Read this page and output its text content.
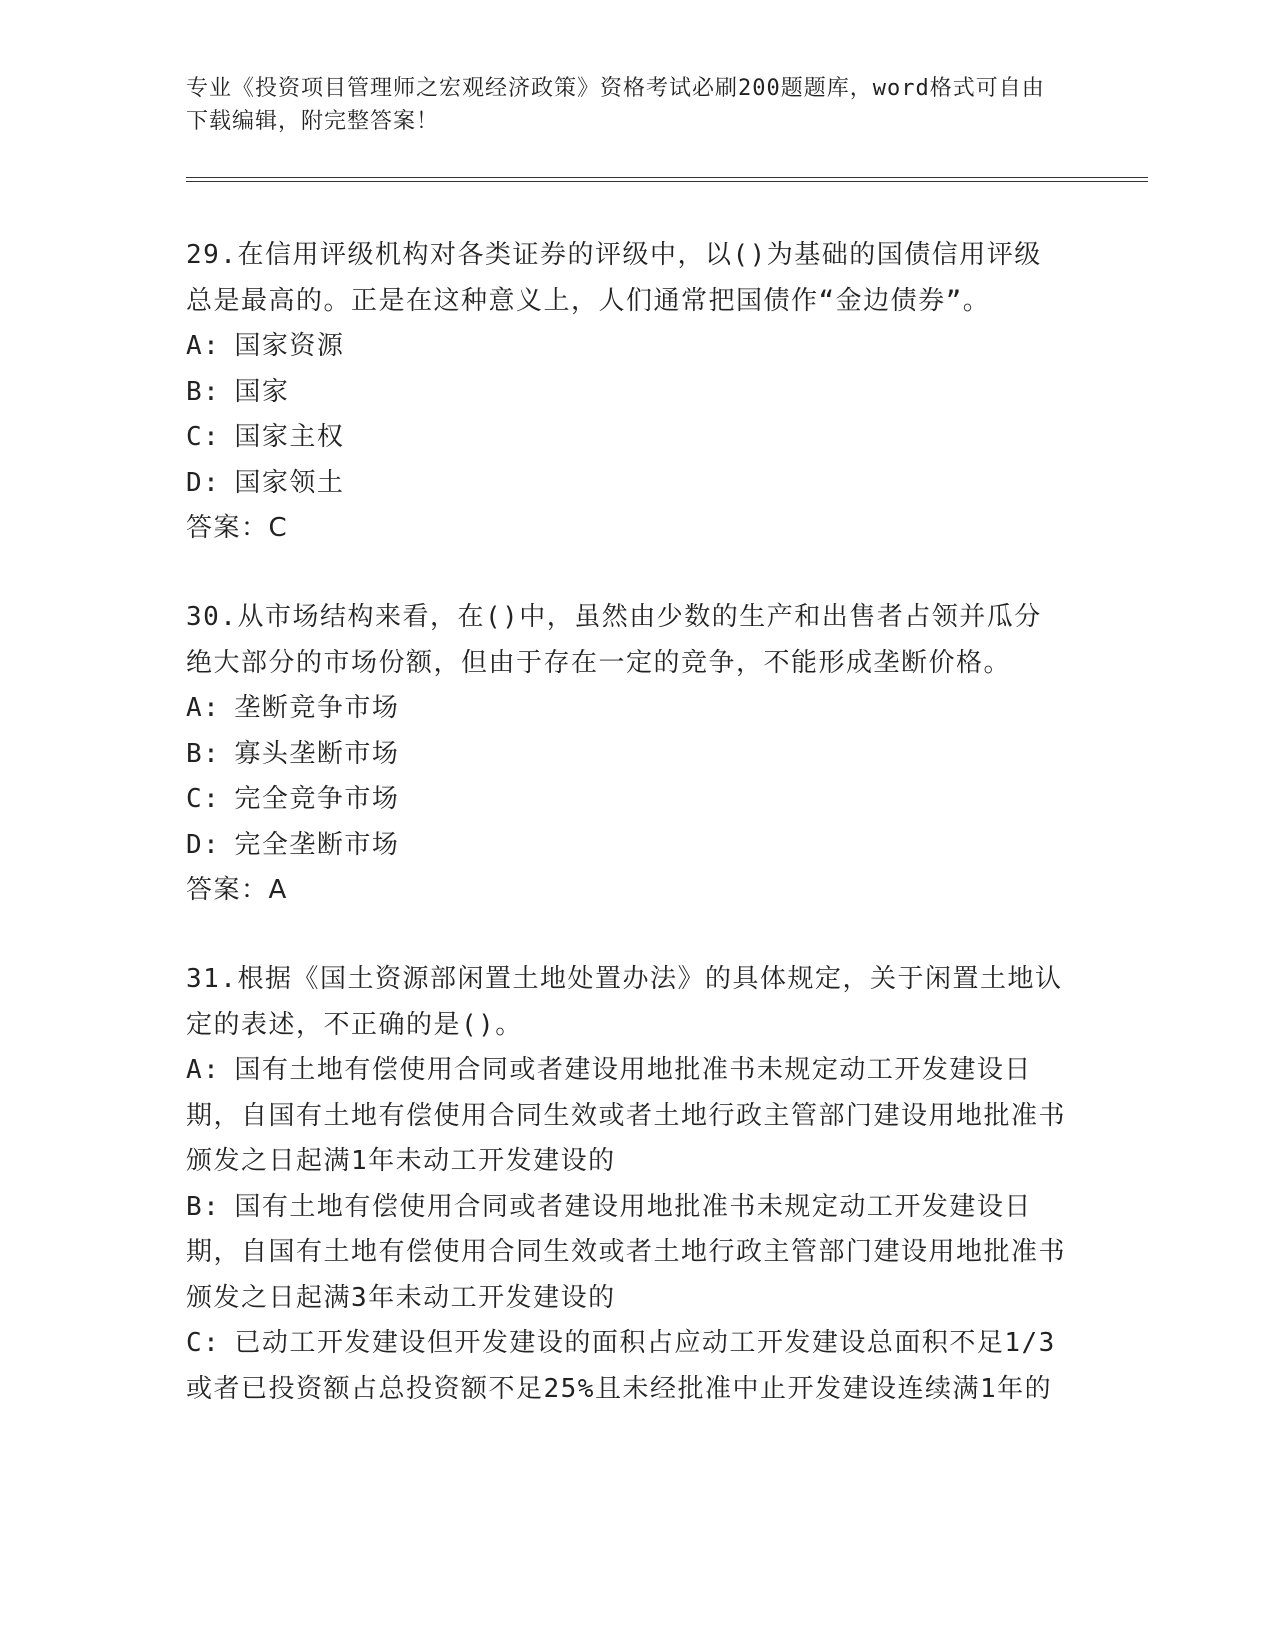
专业《投资项目管理师之宏观经济政策》资格考试必刷200题题库，word格式可自由下载编辑，附完整答案！

29.在信用评级机构对各类证券的评级中，以()为基础的国债信用评级总是最高的。正是在这种意义上，人们通常把国债作“金边债券”。

A: 国家资源
B: 国家
C: 国家主权
D: 国家领土

答案：C

30.从市场结构来看，在()中，虽然由少数的生产和出售者占领并瓜分绝大部分的市场份额，但由于存在一定的竞争，不能形成垄断价格。

A: 垄断竞争市场
B: 寡头垄断市场
C: 完全竞争市场
D: 完全垄断市场

答案：A

31.根据《国土资源部闲置土地处置办法》的具体规定，关于闲置土地认定的表述，不正确的是()。

A: 国有土地有偿使用合同或者建设用地批准书未规定动工开发建设日期，自国有土地有偿使用合同生效或者土地行政主管部门建设用地批准书颁发之日起满1年未动工开发建设的
B: 国有土地有偿使用合同或者建设用地批准书未规定动工开发建设日期，自国有土地有偿使用合同生效或者土地行政主管部门建设用地批准书颁发之日起满3年未动工开发建设的
C: 已动工开发建设但开发建设的面积占应动工开发建设总面积不足1/3或者已投资额占总投资额不足25%且未经批准中止开发建设连续满1年的
